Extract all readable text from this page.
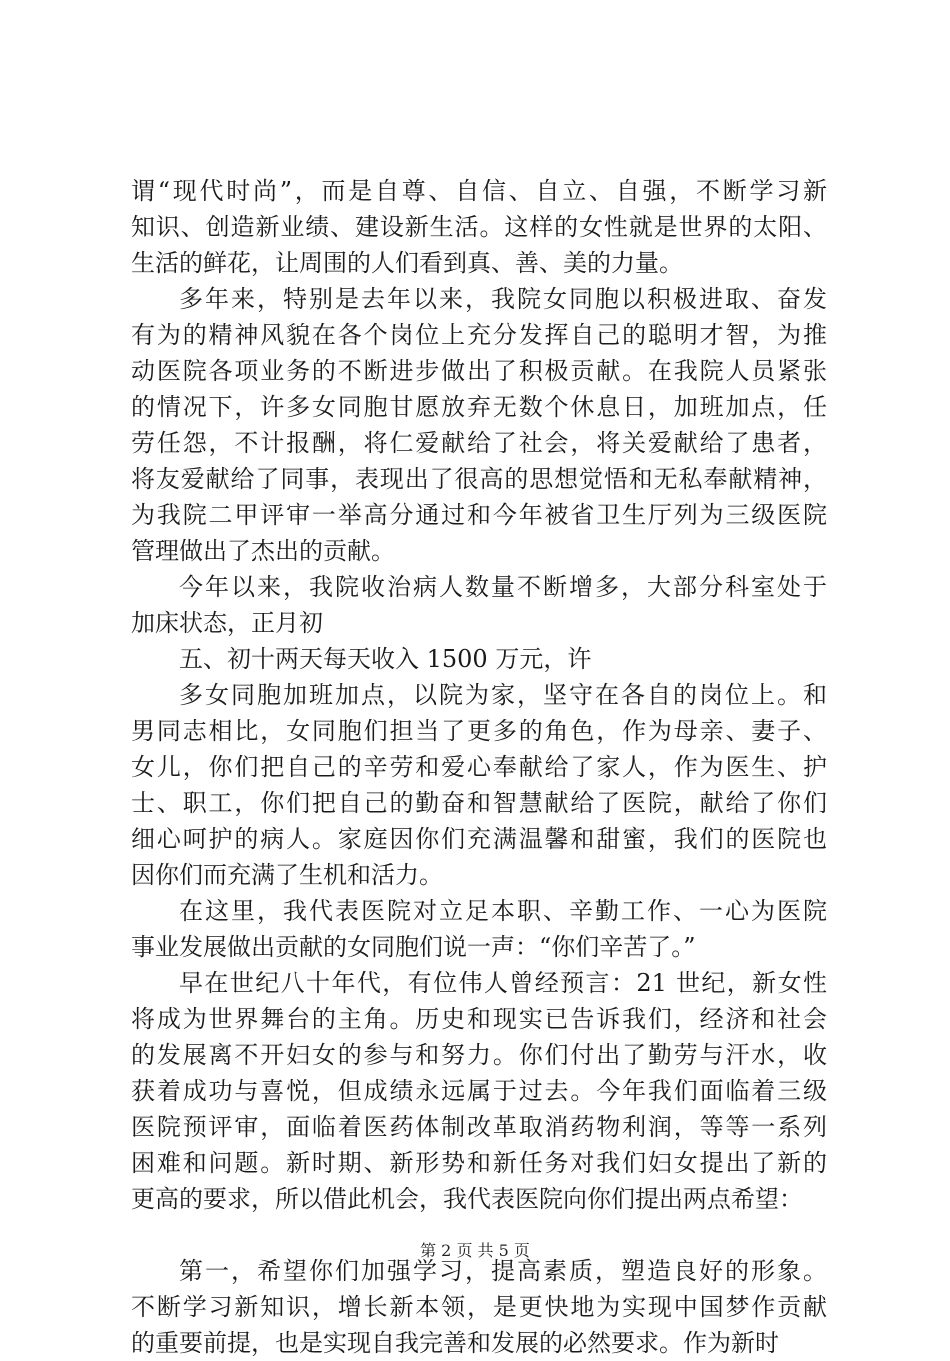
谓“现代时尚”，而是自尊、自信、自立、自强，不断学习新
知识、创造新业绩、建设新生活。这样的女性就是世界的太阳、
生活的鲜花，让周围的人们看到真、善、美的力量。
多年来，特别是去年以来，我院女同胞以积极进取、奋发
有为的精神风貌在各个岗位上充分发挥自己的聪明才智，为推
动医院各项业务的不断进步做出了积极贡献。在我院人员紧张
的情况下，许多女同胞甘愿放弃无数个休息日，加班加点，任
劳任怨，不计报酬，将仁爱献给了社会，将关爱献给了患者，
将友爱献给了同事，表现出了很高的思想觉悟和无私奉献精神，
为我院二甲评审一举高分通过和今年被省卫生厅列为三级医院
管理做出了杰出的贡献。
今年以来，我院收治病人数量不断增多，大部分科室处于
加床状态，正月初
五、初十两天每天收入 1500 万元，许
多女同胞加班加点，以院为家，坚守在各自的岗位上。和
男同志相比，女同胞们担当了更多的角色，作为母亲、妻子、
女儿，你们把自己的辛劳和爱心奉献给了家人，作为医生、护
士、职工，你们把自己的勤奋和智慧献给了医院，献给了你们
细心呵护的病人。家庭因你们充满温馨和甜蜜，我们的医院也
因你们而充满了生机和活力。
在这里，我代表医院对立足本职、辛勤工作、一心为医院
事业发展做出贡献的女同胞们说一声：“你们辛苦了。”
早在世纪八十年代，有位伟人曾经预言：21 世纪，新女性
将成为世界舞台的主角。历史和现实已告诉我们，经济和社会
的发展离不开妇女的参与和努力。你们付出了勤劳与汗水，收
获着成功与喜悦，但成绩永远属于过去。今年我们面临着三级
医院预评审，面临着医药体制改革取消药物利润，等等一系列
困难和问题。新时期、新形势和新任务对我们妇女提出了新的
更高的要求，所以借此机会，我代表医院向你们提出两点希望：
第一，希望你们加强学习，提高素质，塑造良好的形象。
不断学习新知识，增长新本领，是更快地为实现中国梦作贡献
的重要前提，也是实现自我完善和发展的必然要求。作为新时
第 2 页 共 5 页
